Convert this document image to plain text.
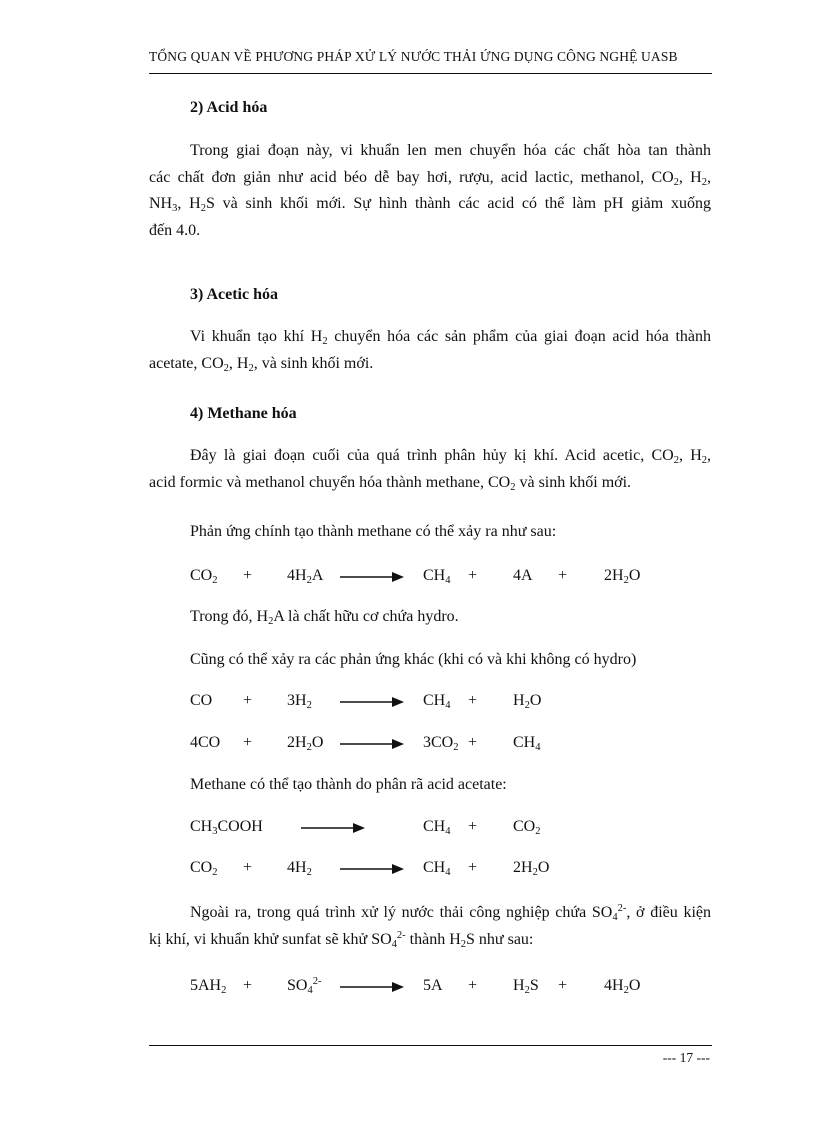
TỔNG QUAN VỀ PHƯƠNG PHÁP XỬ LÝ NƯỚC THẢI ỨNG DỤNG CÔNG NGHỆ UASB
2) Acid hóa
Trong giai đoạn này, vi khuẩn len men chuyển hóa các chất hòa tan thành
các chất đơn giản như acid béo dễ bay hơi, rượu, acid lactic, methanol, $CO_2$, $H_2$,
$NH_3$, $H_2S$ và sinh khối mới. Sự hình thành các acid có thể làm pH giảm xuống
đến 4.0.
3) Acetic hóa
Vi khuẩn tạo khí $H_2$ chuyển hóa các sản phẩm của giai đoạn acid hóa thành
acetate, $CO_2$, $H_2$, và sinh khối mới.
4) Methane hóa
Đây là giai đoạn cuối của quá trình phân hủy kị khí. Acid acetic, $CO_2$, $H_2$,
acid formic và methanol chuyển hóa thành methane, $CO_2$ và sinh khối mới.
Phản ứng chính tạo thành methane có thể xảy ra như sau:
$CO_2 + 4H_2A$	$CH_4 + 4A + 2H_2O$
Trong đó, $H_2A$ là chất hữu cơ chứa hydro.
Cũng có thể xảy ra các phản ứng khác (khi có và khi không có hydro)
CO + $3H_2$	$CH_4 + H_2O$
$4CO + 2H_2O$	$3CO_2 + CH_4$
Methane có thể tạo thành do phân rã acid acetate:
$CH_3COOH$	$CH_4 + CO_2$
$CO_2 + 4H_2$	$CH_4 + 2H_2O$
Ngoài ra, trong quá trình xử lý nước thải công nghiệp chứa $SO_4^{2-}$, ở điều kiện
kị khí, vi khuẩn khử sunfat sẽ khử $SO_4^{2-}$ thành $H_2S$ như sau:
$5AH_2 + SO_4^{2-}$	$5A + H_2S + 4H_2O$
--- 17 ---
